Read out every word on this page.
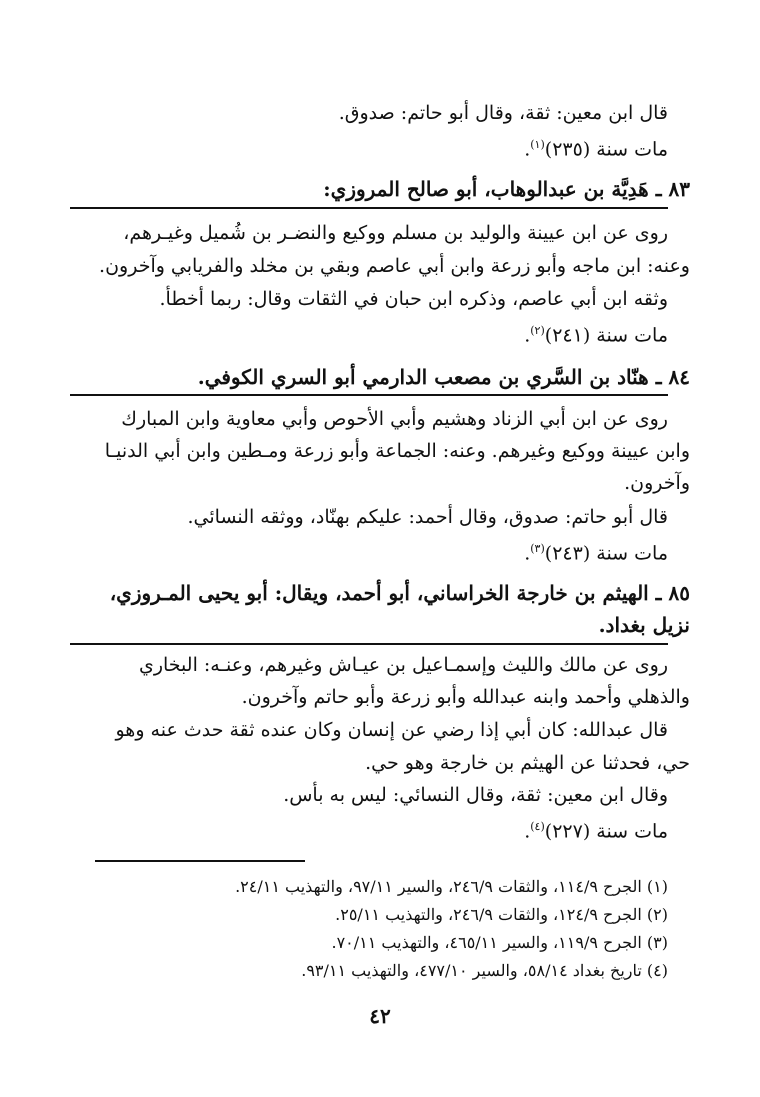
قال ابن معين: ثقة، وقال أبو حاتم: صدوق.
مات سنة (٢٣٥)$^{(١)}$.
٨٣ ـ هَدِيَّة بن عبدالوهاب، أبو صالح المروزي:
روى عن ابن عيينة والوليد بن مسلم ووكيع والنضـر بن شُميل وغيـرهم،
وعنه: ابن ماجه وأبو زرعة وابن أبي عاصم وبقي بن مخلد والفريابي وآخرون.
وثقه ابن أبي عاصم، وذكره ابن حبان في الثقات وقال: ربما أخطأ.
مات سنة (٢٤١)$^{(٢)}$.
٨٤ ـ هنّاد بن السَّري بن مصعب الدارمي أبو السري الكوفي.
روى عن ابن أبي الزناد وهشيم وأبي الأحوص وأبي معاوية وابن المبارك
وابن عيينة ووكيع وغيرهم. وعنه: الجماعة وأبو زرعة ومـطين وابن أبي الدنيـا
وآخرون.
قال أبو حاتم: صدوق، وقال أحمد: عليكم بهنّاد، ووثقه النسائي.
مات سنة (٢٤٣)$^{(٣)}$.
٨٥ ـ الهيثم بن خارجة الخراساني، أبو أحمد، ويقال: أبو يحيى المـروزي،
نزيل بغداد.
روى عن مالك والليث وإسمـاعيل بن عيـاش وغيرهم، وعنـه: البخاري
والذهلي وأحمد وابنه عبدالله وأبو زرعة وأبو حاتم وآخرون.
قال عبدالله: كان أبي إذا رضي عن إنسان وكان عنده ثقة حدث عنه وهو
حي، فحدثنا عن الهيثم بن خارجة وهو حي.
وقال ابن معين: ثقة، وقال النسائي: ليس به بأس.
مات سنة (٢٢٧)$^{(٤)}$.
(١) الجرح ١١٤/٩، والثقات ٢٤٦/٩، والسير ٩٧/١١، والتهذيب ٢٤/١١.
(٢) الجرح ١٢٤/٩، والثقات ٢٤٦/٩، والتهذيب ٢٥/١١.
(٣) الجرح ١١٩/٩، والسير ٤٦٥/١١، والتهذيب ٧٠/١١.
(٤) تاريخ بغداد ٥٨/١٤، والسير ٤٧٧/١٠، والتهذيب ٩٣/١١.
٤٢
